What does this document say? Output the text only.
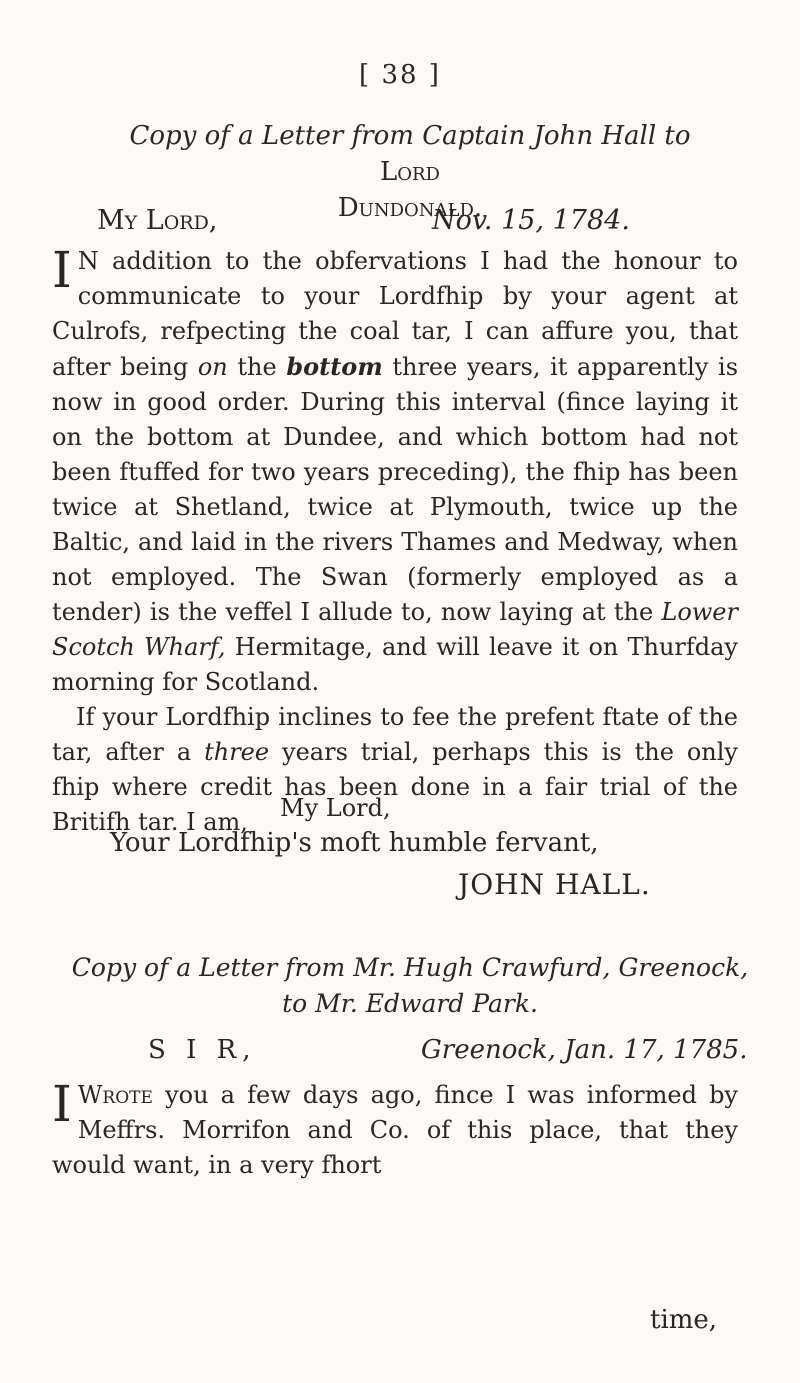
[ 38 ]
Copy of a Letter from Captain John Hall to Lord
Dundonald.
My Lord,	Nov. 15, 1784.

I N addition to the obfervations I had the honour to communicate to your Lordfhip by your agent at Culrofs, refpecting the coal tar, I can affure you, that after being on the bottom three years, it apparently is now in good order. During this interval (fince laying it on the bottom at Dundee, and which bottom had not been ftuffed for two years preceding), the fhip has been twice at Shetland, twice at Plymouth, twice up the Baltic, and laid in the rivers Thames and Medway, when not employed. The Swan (formerly employed as a tender) is the veffel I allude to, now laying at the Lower Scotch Wharf, Hermitage, and will leave it on Thurfday morning for Scotland.

If your Lordfhip inclines to fee the prefent ftate of the tar, after a three years trial, perhaps this is the only fhip where credit has been done in a fair trial of the Britifh tar. I am,	My Lord,
Your Lordfhip's moft humble fervant,
JOHN HALL.
Copy of a Letter from Mr. Hugh Crawfurd, Greenock,
to Mr. Edward Park.
S I R,	Greenock, Jan. 17, 1785.

I Wrote you a few days ago, fince I was informed by Meffrs. Morrifon and Co. of this place, that they would want, in a very fhort

time,
